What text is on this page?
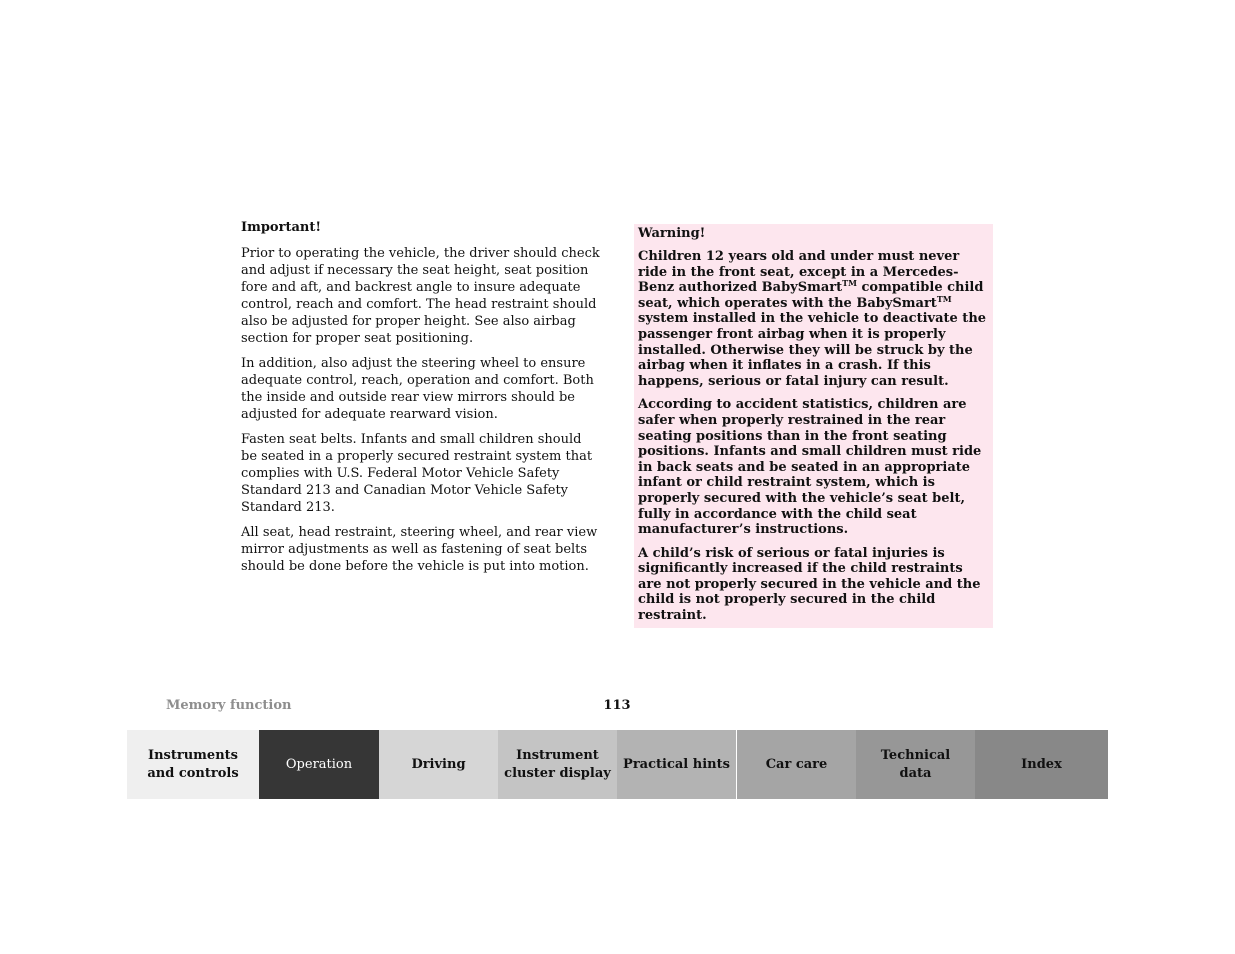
Important!

Prior to operating the vehicle, the driver should check and adjust if necessary the seat height, seat position fore and aft, and backrest angle to insure adequate control, reach and comfort. The head restraint should also be adjusted for proper height. See also airbag section for proper seat positioning.

In addition, also adjust the steering wheel to ensure adequate control, reach, operation and comfort. Both the inside and outside rear view mirrors should be adjusted for adequate rearward vision.

Fasten seat belts. Infants and small children should be seated in a properly secured restraint system that complies with U.S. Federal Motor Vehicle Safety Standard 213 and Canadian Motor Vehicle Safety Standard 213.

All seat, head restraint, steering wheel, and rear view mirror adjustments as well as fastening of seat belts should be done before the vehicle is put into motion.

Warning!

Children 12 years old and under must never ride in the front seat, except in a Mercedes-Benz authorized BabySmart™ compatible child seat, which operates with the BabySmart™ system installed in the vehicle to deactivate the passenger front airbag when it is properly installed. Otherwise they will be struck by the airbag when it inflates in a crash. If this happens, serious or fatal injury can result.

According to accident statistics, children are safer when properly restrained in the rear seating positions than in the front seating positions. Infants and small children must ride in back seats and be seated in an appropriate infant or child restraint system, which is properly secured with the vehicle’s seat belt, fully in accordance with the child seat manufacturer’s instructions.

A child’s risk of serious or fatal injuries is significantly increased if the child restraints are not properly secured in the vehicle and the child is not properly secured in the child restraint.

Memory function	113
Instruments
and controls
Operation	Driving
Instrument
cluster display
Practical hints	Car care
Technical
data
Index
